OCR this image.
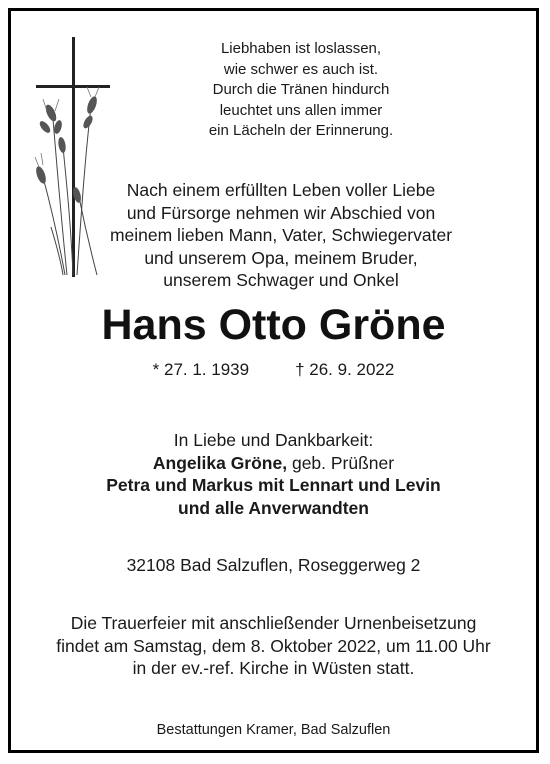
Liebhaben ist loslassen,
wie schwer es auch ist.
Durch die Tränen hindurch
leuchtet uns allen immer
ein Lächeln der Erinnerung.
Nach einem erfüllten Leben voller Liebe
und Fürsorge nehmen wir Abschied von
meinem lieben Mann, Vater, Schwiegervater
und unserem Opa, meinem Bruder,
unserem Schwager und Onkel
Hans Otto Gröne
* 27. 1. 1939	† 26. 9. 2022
In Liebe und Dankbarkeit:
Angelika Gröne, geb. Prüßner
Petra und Markus mit Lennart und Levin
und alle Anverwandten
32108 Bad Salzuflen, Roseggerweg 2
Die Trauerfeier mit anschließender Urnenbeisetzung
findet am Samstag, dem 8. Oktober 2022, um 11.00 Uhr
in der ev.-ref. Kirche in Wüsten statt.
Bestattungen Kramer, Bad Salzuflen
